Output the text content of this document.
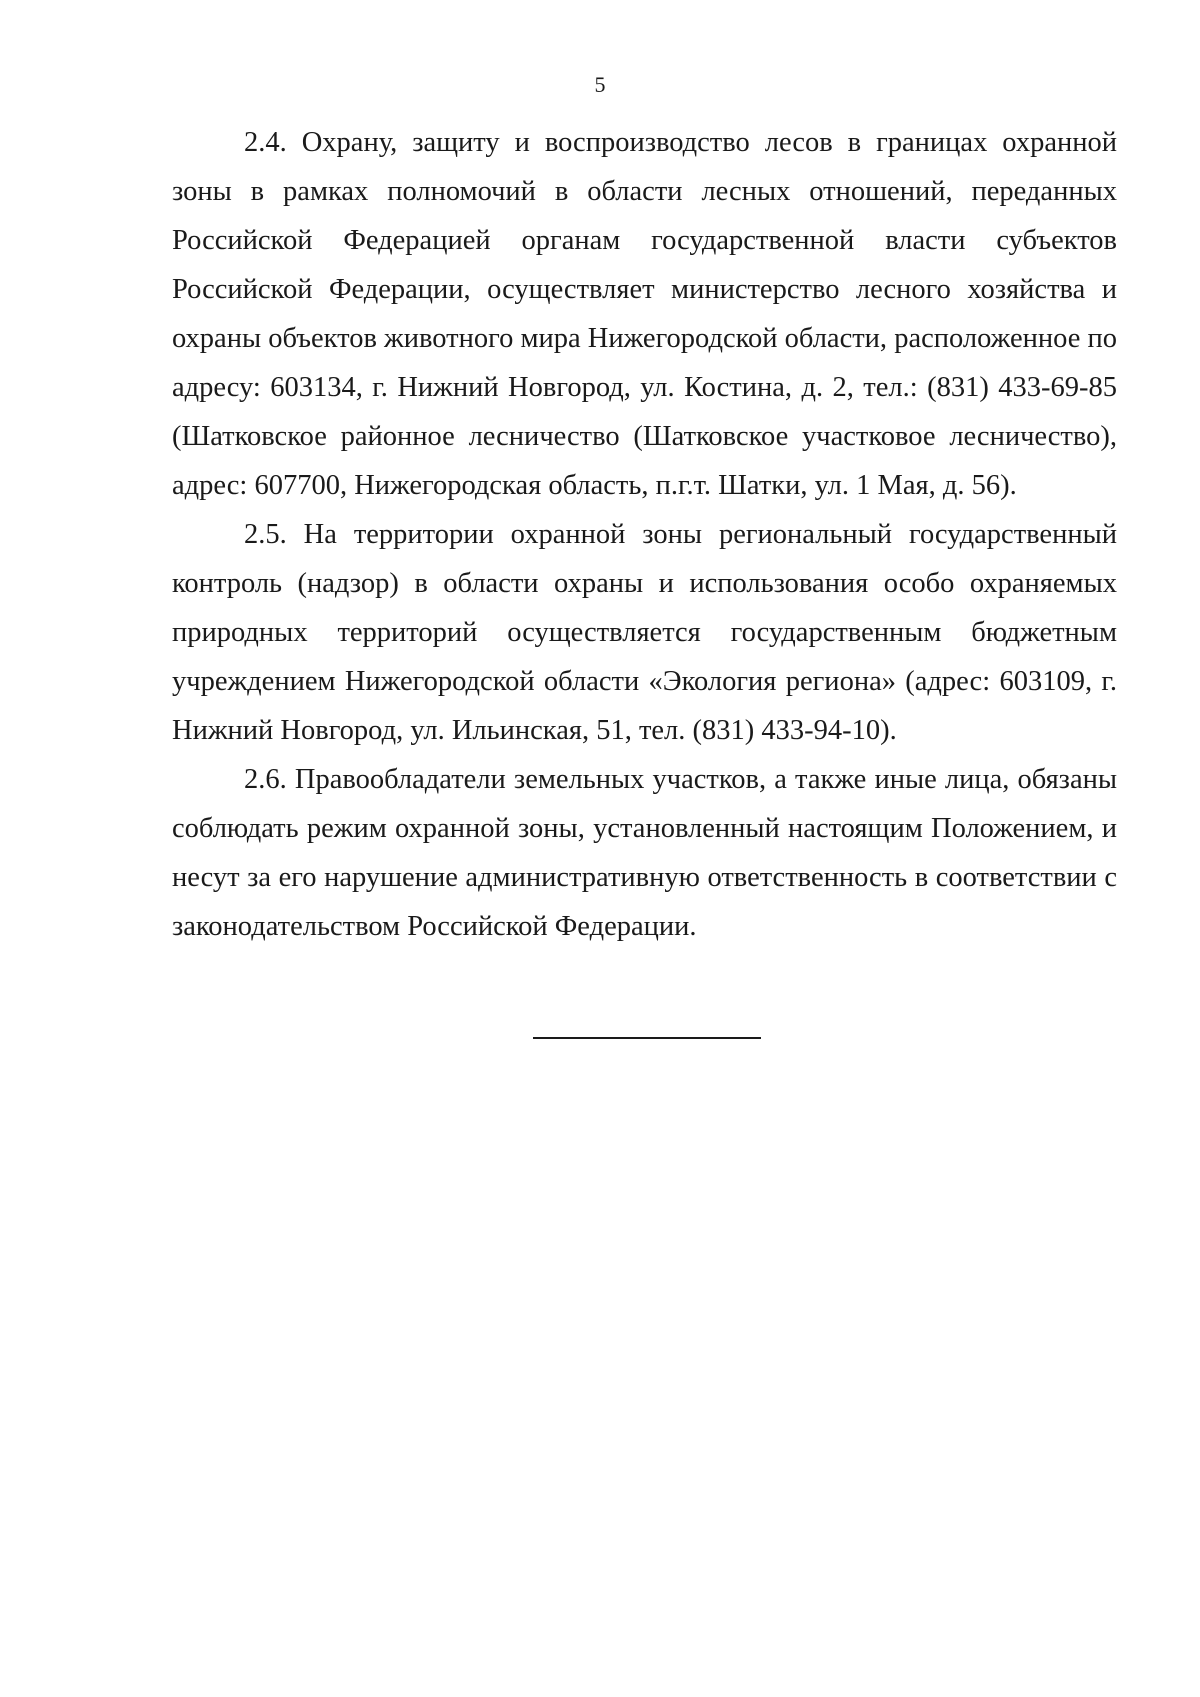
5

2.4. Охрану, защиту и воспроизводство лесов в границах охранной зоны в рамках полномочий в области лесных отношений, переданных Российской Федерацией органам государственной власти субъектов Российской Федерации, осуществляет министерство лесного хозяйства и охраны объектов животного мира Нижегородской области, расположенное по адресу: 603134, г. Нижний Новгород, ул. Костина, д. 2, тел.: (831) 433-69-85 (Шатковское районное лесничество (Шатковское участковое лесничество), адрес: 607700, Нижегородская область, п.г.т. Шатки, ул. 1 Мая, д. 56).

2.5. На территории охранной зоны региональный государственный контроль (надзор) в области охраны и использования особо охраняемых природных территорий осуществляется государственным бюджетным учреждением Нижегородской области «Экология региона» (адрес: 603109, г. Нижний Новгород, ул. Ильинская, 51, тел. (831) 433-94-10).

2.6. Правообладатели земельных участков, а также иные лица, обязаны соблюдать режим охранной зоны, установленный настоящим Положением, и несут за его нарушение административную ответственность в соответствии с законодательством Российской Федерации.
